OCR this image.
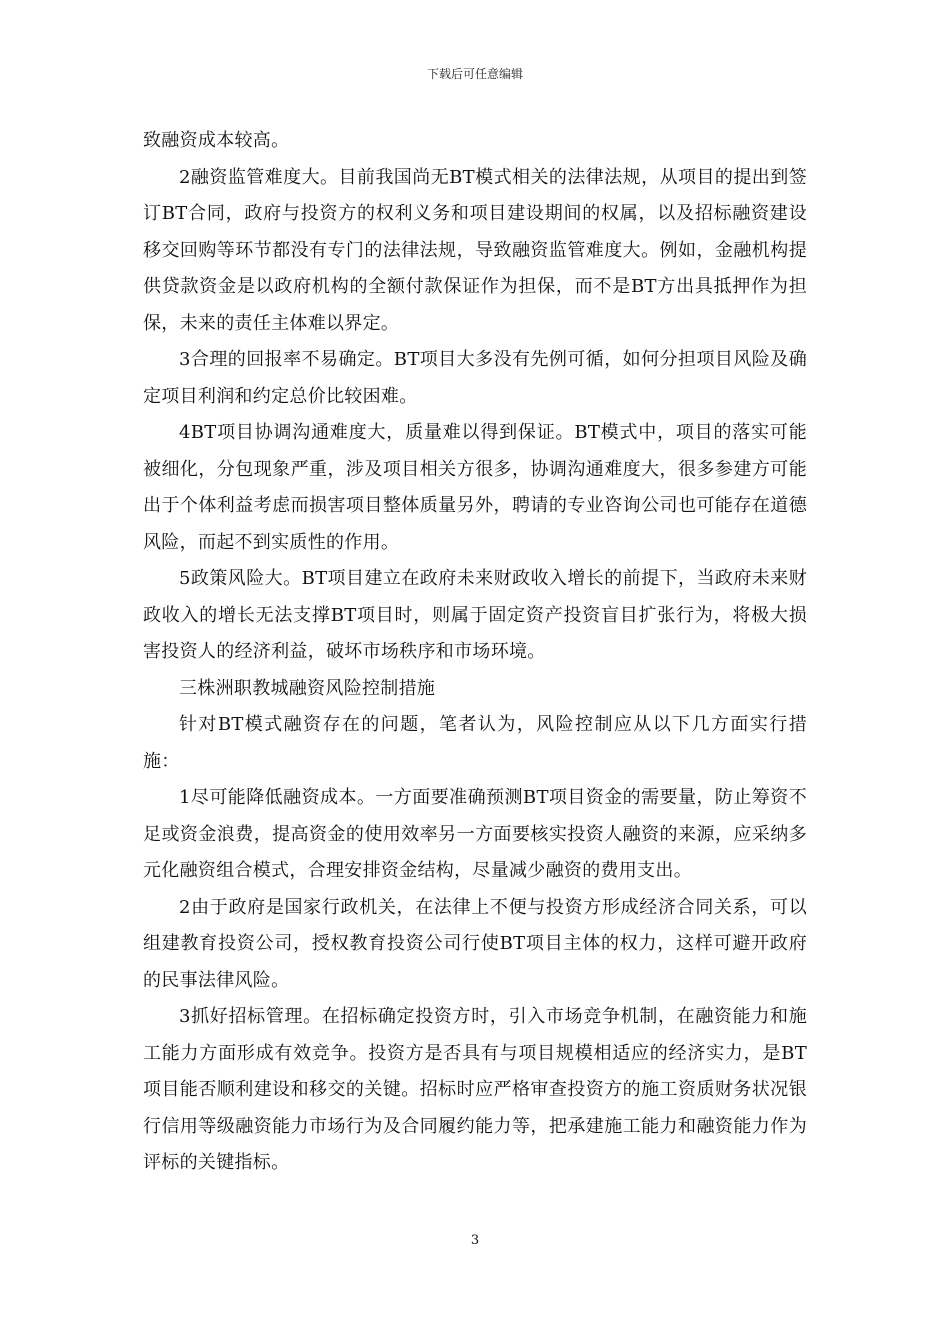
下载后可任意编辑

致融资成本较高。

2融资监管难度大。目前我国尚无BT模式相关的法律法规，从项目的提出到签订BT合同，政府与投资方的权利义务和项目建设期间的权属，以及招标融资建设移交回购等环节都没有专门的法律法规，导致融资监管难度大。例如，金融机构提供贷款资金是以政府机构的全额付款保证作为担保，而不是BT方出具抵押作为担保，未来的责任主体难以界定。

3合理的回报率不易确定。BT项目大多没有先例可循，如何分担项目风险及确定项目利润和约定总价比较困难。

4BT项目协调沟通难度大，质量难以得到保证。BT模式中，项目的落实可能被细化，分包现象严重，涉及项目相关方很多，协调沟通难度大，很多参建方可能出于个体利益考虑而损害项目整体质量另外，聘请的专业咨询公司也可能存在道德风险，而起不到实质性的作用。

5政策风险大。BT项目建立在政府未来财政收入增长的前提下，当政府未来财政收入的增长无法支撑BT项目时，则属于固定资产投资盲目扩张行为，将极大损害投资人的经济利益，破坏市场秩序和市场环境。

三株洲职教城融资风险控制措施

针对BT模式融资存在的问题，笔者认为，风险控制应从以下几方面实行措施：

1尽可能降低融资成本。一方面要准确预测BT项目资金的需要量，防止筹资不足或资金浪费，提高资金的使用效率另一方面要核实投资人融资的来源，应采纳多元化融资组合模式，合理安排资金结构，尽量减少融资的费用支出。

2由于政府是国家行政机关，在法律上不便与投资方形成经济合同关系，可以组建教育投资公司，授权教育投资公司行使BT项目主体的权力，这样可避开政府的民事法律风险。

3抓好招标管理。在招标确定投资方时，引入市场竞争机制，在融资能力和施工能力方面形成有效竞争。投资方是否具有与项目规模相适应的经济实力，是BT项目能否顺利建设和移交的关键。招标时应严格审查投资方的施工资质财务状况银行信用等级融资能力市场行为及合同履约能力等，把承建施工能力和融资能力作为评标的关键指标。

3
